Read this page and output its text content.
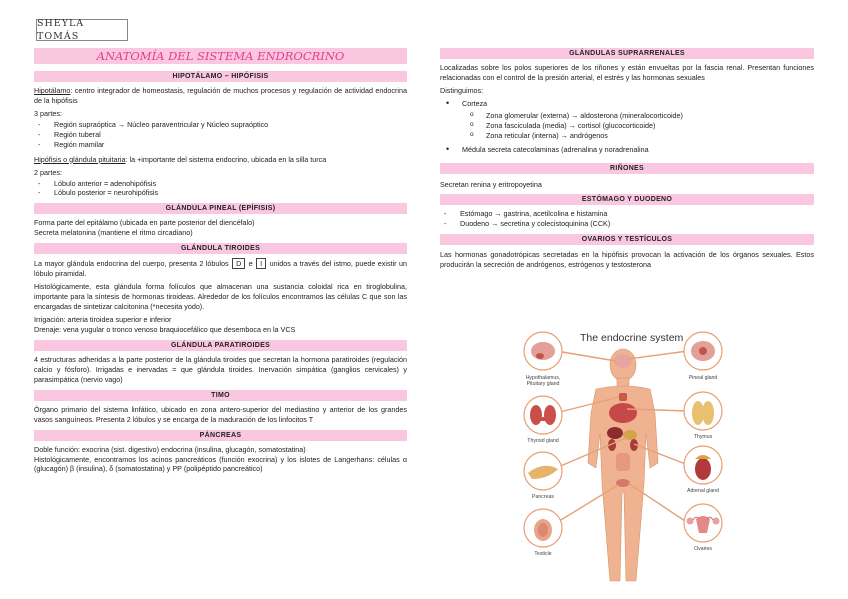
SHEYLA TOMÁS
ANATOMÍA DEL SISTEMA ENDROCRINO
HIPOTÁLAMO – HIPÓFISIS

Hipotálamo: centro integrador de homeostasis, regulación de muchos procesos y regulación de actividad endocrina de la hipófisis

3 partes:

- Región supraóptica → Núcleo paraventricular y Núcleo supraóptico
- Región tuberal
- Región mamilar

Hipófisis o glándula pituitaria: la +importante del sistema endocrino, ubicada en la silla turca

2 partes:

- Lóbulo anterior = adenohipófisis
- Lóbulo posterior = neurohipófisis
GLÁNDULA PINEAL (EPÍFISIS)

Forma parte del epitálamo (ubicada en parte posterior del diencéfalo)

Secreta melatonina (mantiene el ritmo circadiano)

GLÁNDULA TIROIDES

La mayor glándula endocrina del cuerpo, presenta 2 lóbulos D e I unidos a través del istmo, puede existir un lóbulo piramidal.

Histológicamente, esta glándula forma folículos que almacenan una sustancia coloidal rica en tiroglobulina, importante para la síntesis de hormonas tiroideas. Alrededor de los folículos encontramos las células C que son las encargadas de sintetizar calcitonina (*necesita yodo).

Irrigación: arteria tiroidea superior e inferior

Drenaje: vena yugular o tronco venoso braquiocefálico que desemboca en la VCS

GLÁNDULA PARATIROIDES

4 estructuras adheridas a la parte posterior de la glándula tiroides que secretan la hormona paratiroides (regulación calcio y fósforo). Irrigadas e inervadas = que glándula tiroides. Inervación simpática (ganglios cervicales) y parasimpática (nervio vago)

TIMO

Órgano primario del sistema linfático, ubicado en zona antero-superior del mediastino y anterior de los grandes vasos sanguíneos. Presenta 2 lóbulos y se encarga de la maduración de los linfocitos T

PÁNCREAS

Doble función: exocrina (sist. digestivo) endocrina (insulina, glucagón, somatostatina)

Histológicamente, encontramos los acinos pancreáticos (función exocrina) y los islotes de Langerhans: células α (glucagón) β (insulina), δ (somatostatina) y PP (polipéptido pancreático)

GLÁNDULAS SUPRARRENALES

Localizadas sobre los polos superiores de los riñones y están envueltas por la fascia renal. Presentan funciones relacionadas con el control de la presión arterial, el estrés y las hormonas sexuales

Distinguimos:

• Corteza
o Zona glomerular (externa) → aldosterona (mineralocorticoide)
o Zona fasciculada (media) → cortisol (glucocorticoide)
o Zona reticular (interna) → andrógenos
• Médula secreta catecolaminas (adrenalina y noradrenalina
RIÑONES

Secretan renina y eritropoyetina

ESTÓMAGO Y DUODENO
- Estómago → gastrina, acetilcolina e histamina
- Duodeno → secretina y colecistoquinina (CCK)
OVARIOS Y TESTÍCULOS

Las hormonas gonadotrópicas secretadas en la hipófisis provocan la activación de los órganos sexuales. Estos producirán la secreción de andrógenos, estrógenos y testosterona

The endocrine system
Hypothalamus,
Pituitary gland
Thyroid gland
Pancreas
Testicle
Pineal gland
Thymus
Adrenal gland
Ovaries
